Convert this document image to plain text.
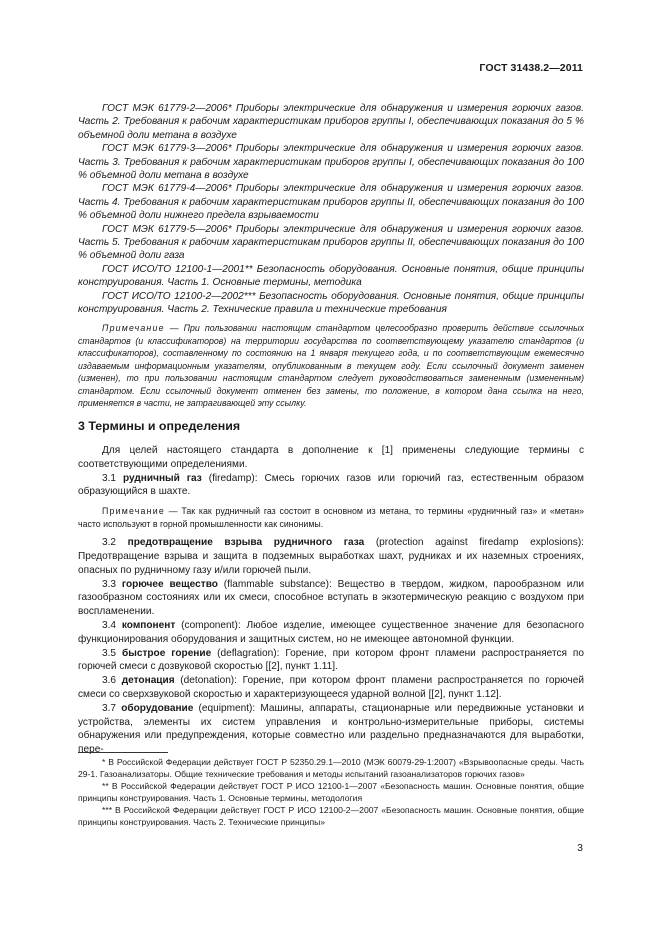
ГОСТ 31438.2—2011

ГОСТ МЭК 61779-2—2006* Приборы электрические для обнаружения и измерения горючих газов. Часть 2. Требования к рабочим характеристикам приборов группы I, обеспечивающих показания до 5 % объемной доли метана в воздухе

ГОСТ МЭК 61779-3—2006* Приборы электрические для обнаружения и измерения горючих газов. Часть 3. Требования к рабочим характеристикам приборов группы I, обеспечивающих показания до 100 % объемной доли метана в воздухе

ГОСТ МЭК 61779-4—2006* Приборы электрические для обнаружения и измерения горючих газов. Часть 4. Требования к рабочим характеристикам приборов группы II, обеспечивающих показания до 100 % объемной доли нижнего предела взрываемости

ГОСТ МЭК 61779-5—2006* Приборы электрические для обнаружения и измерения горючих газов. Часть 5. Требования к рабочим характеристикам приборов группы II, обеспечивающих показания до 100 % объемной доли газа

ГОСТ ИСО/ТО 12100-1—2001** Безопасность оборудования. Основные понятия, общие принципы конструирования. Часть 1. Основные термины, методика

ГОСТ ИСО/ТО 12100-2—2002*** Безопасность оборудования. Основные понятия, общие принципы конструирования. Часть 2. Технические правила и технические требования

Примечание — При пользовании настоящим стандартом целесообразно проверить действие ссылочных стандартов (и классификаторов) на территории государства по соответствующему указателю стандартов (и классификаторов), составленному по состоянию на 1 января текущего года, и по соответствующим ежемесячно издаваемым информационным указателям, опубликованным в текущем году. Если ссылочный документ заменен (изменен), то при пользовании настоящим стандартом следует руководствоваться замененным (измененным) стандартом. Если ссылочный документ отменен без замены, то положение, в котором дана ссылка на него, применяется в части, не затрагивающей эту ссылку.

3 Термины и определения

Для целей настоящего стандарта в дополнение к [1] применены следующие термины с соответствующими определениями.

3.1 рудничный газ (firedamp): Смесь горючих газов или горючий газ, естественным образом образующийся в шахте.

Примечание — Так как рудничный газ состоит в основном из метана, то термины «рудничный газ» и «метан» часто используют в горной промышленности как синонимы.

3.2 предотвращение взрыва рудничного газа (protection against firedamp explosions): Предотвращение взрыва и защита в подземных выработках шахт, рудниках и их наземных строениях, опасных по рудничному газу и/или горючей пыли.

3.3 горючее вещество (flammable substance): Вещество в твердом, жидком, парообразном или газообразном состояниях или их смеси, способное вступать в экзотермическую реакцию с воздухом при воспламенении.

3.4 компонент (component): Любое изделие, имеющее существенное значение для безопасного функционирования оборудования и защитных систем, но не имеющее автономной функции.

3.5 быстрое горение (deflagration): Горение, при котором фронт пламени распространяется по горючей смеси с дозвуковой скоростью [[2], пункт 1.11].

3.6 детонация (detonation): Горение, при котором фронт пламени распространяется по горючей смеси со сверхзвуковой скоростью и характеризующееся ударной волной [[2], пункт 1.12].

3.7 оборудование (equipment): Машины, аппараты, стационарные или передвижные установки и устройства, элементы их систем управления и контрольно-измерительные приборы, системы обнаружения или предупреждения, которые совместно или раздельно предназначаются для выработки, пере-

* В Российской Федерации действует ГОСТ Р 52350.29.1—2010 (МЭК 60079-29-1:2007) «Взрывоопасные среды. Часть 29-1. Газоанализаторы. Общие технические требования и методы испытаний газоанализаторов горючих газов»

** В Российской Федерации действует ГОСТ Р ИСО 12100-1—2007 «Безопасность машин. Основные понятия, общие принципы конструирования. Часть 1. Основные термины, методология

*** В Российской Федерации действует ГОСТ Р ИСО 12100-2—2007 «Безопасность машин. Основные понятия, общие принципы конструирования. Часть 2. Технические принципы»

3
